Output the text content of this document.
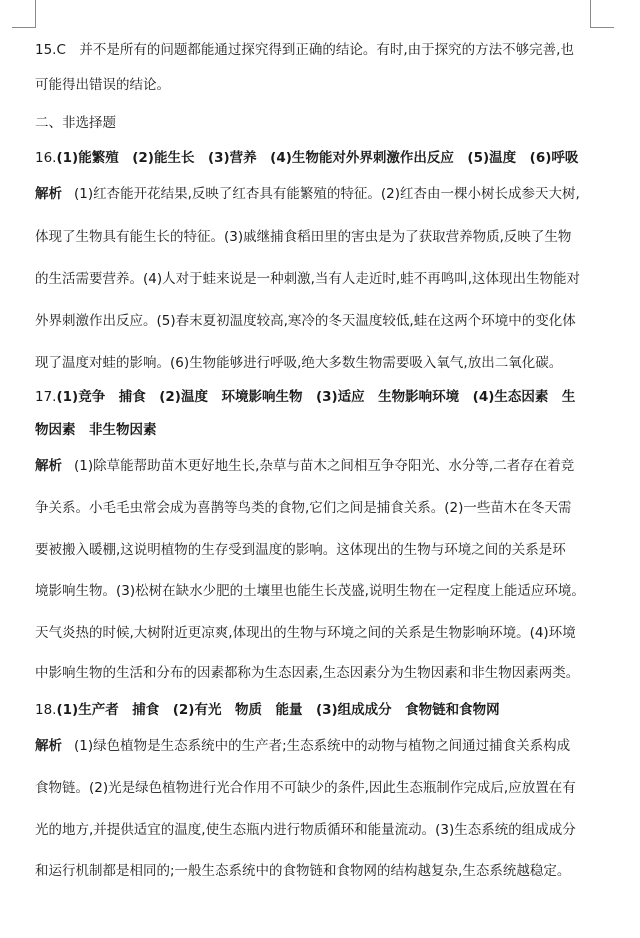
15.C　并不是所有的问题都能通过探究得到正确的结论。有时,由于探究的方法不够完善,也
可能得出错误的结论。
二、非选择题
16.(1)能繁殖　(2)能生长　(3)营养　(4)生物能对外界刺激作出反应　(5)温度　(6)呼吸
解析 (1)红杏能开花结果,反映了红杏具有能繁殖的特征。(2)红杏由一棵小树长成参天大树,
体现了生物具有能生长的特征。(3)戚继捕食稻田里的害虫是为了获取营养物质,反映了生物
的生活需要营养。(4)人对于蛙来说是一种刺激,当有人走近时,蛙不再鸣叫,这体现出生物能对
外界刺激作出反应。(5)春末夏初温度较高,寒冷的冬天温度较低,蛙在这两个环境中的变化体
现了温度对蛙的影响。(6)生物能够进行呼吸,绝大多数生物需要吸入氧气,放出二氧化碳。
17.(1)竞争　捕食　(2)温度　环境影响生物　(3)适应　生物影响环境　(4)生态因素　生
物因素　非生物因素
解析 (1)除草能帮助苗木更好地生长,杂草与苗木之间相互争夺阳光、水分等,二者存在着竞
争关系。小毛毛虫常会成为喜鹊等鸟类的食物,它们之间是捕食关系。(2)一些苗木在冬天需
要被搬入暖棚,这说明植物的生存受到温度的影响。这体现出的生物与环境之间的关系是环
境影响生物。(3)松树在缺水少肥的土壤里也能生长茂盛,说明生物在一定程度上能适应环境。
天气炎热的时候,大树附近更凉爽,体现出的生物与环境之间的关系是生物影响环境。(4)环境
中影响生物的生活和分布的因素都称为生态因素,生态因素分为生物因素和非生物因素两类。
18.(1)生产者　捕食　(2)有光　物质　能量　(3)组成成分　食物链和食物网
解析 (1)绿色植物是生态系统中的生产者;生态系统中的动物与植物之间通过捕食关系构成
食物链。(2)光是绿色植物进行光合作用不可缺少的条件,因此生态瓶制作完成后,应放置在有
光的地方,并提供适宜的温度,使生态瓶内进行物质循环和能量流动。(3)生态系统的组成成分
和运行机制都是相同的;一般生态系统中的食物链和食物网的结构越复杂,生态系统越稳定。
